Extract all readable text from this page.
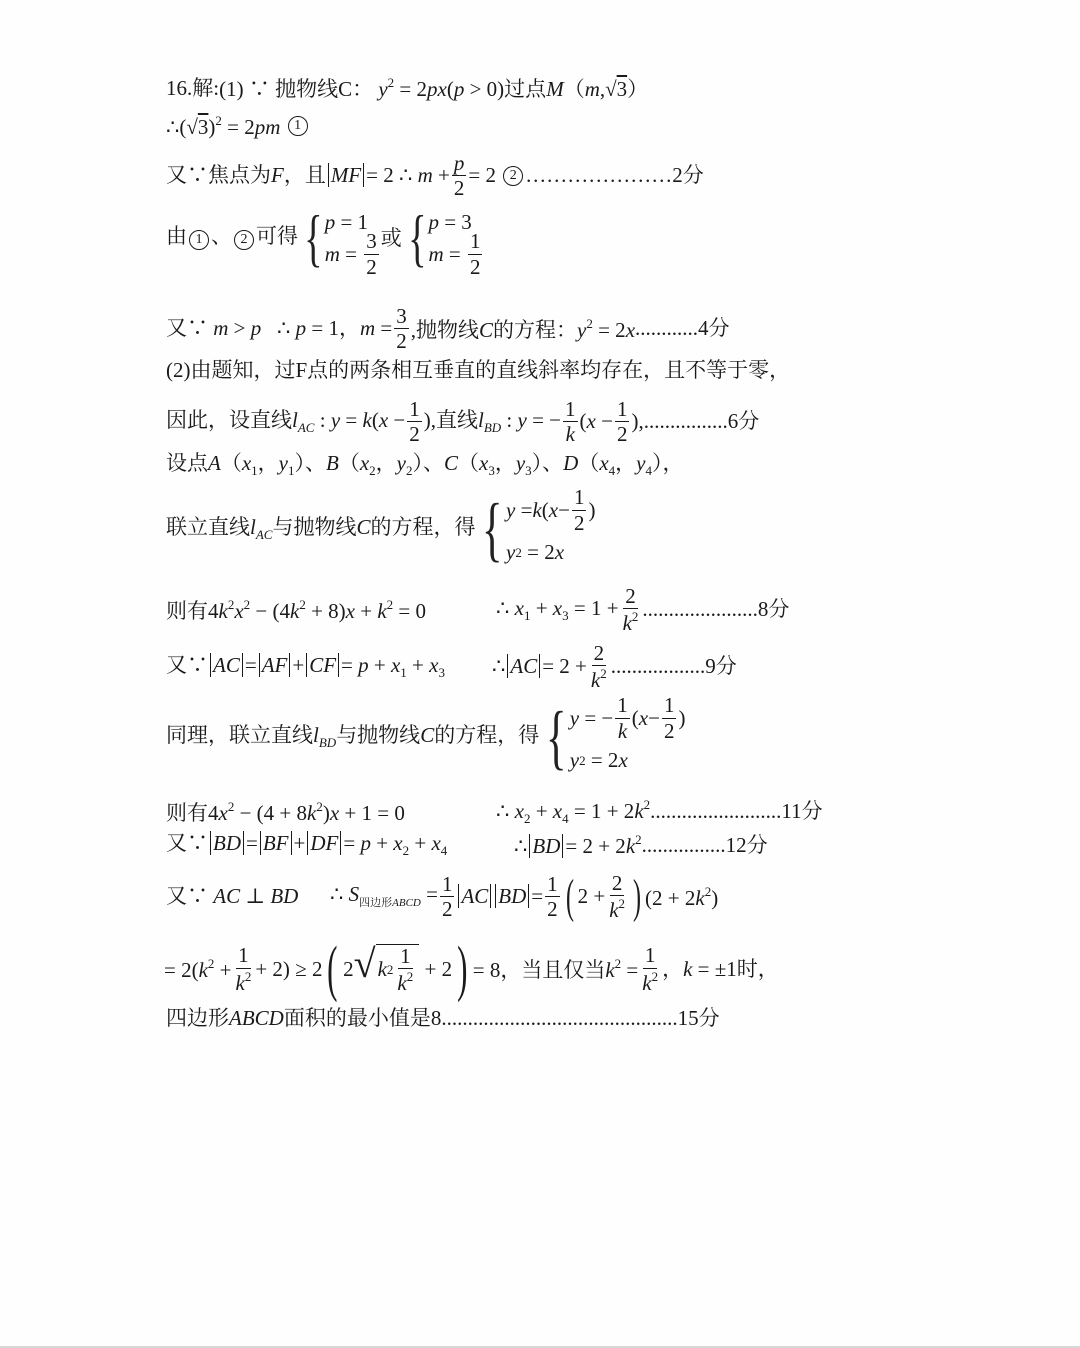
16.解: (1) ∵ 抛物线C： $y^2 = 2px(p > 0)$过点M（m,√3）
$\therefore(√3)^2 = 2pm$ 1
又∵焦点为F，且 MF = 2 ∴ $m + \frac{p}{2} = 2$ 2 ………………… 2分
由 1 、 2 可得 { p = 1
$m = \frac{3}{2}$ 或 { p = 3
$m = \frac{1}{2}$
又∵ m > p   ∴ p = 1，$m = \frac{3}{2}$ ,抛物线C的方程：$y^2 = 2x$ ............ 4分
(2)由题知，过F点的两条相互垂直的直线斜率均存在，且不等于零，
因此，设直线$l_{AC}$ : $y = k(x - \frac{1}{2}$ ),直线$l_{BD}$ : y = − $\frac{1}{k} (x - \frac{1}{2}$ ), ................ 6分
设点$A(x_1$，$y_1$）、$B(x_2$，$y_2$）、$C(x_3$，$y_3$）、$D(x_4$，$y_4$），
联立直线$l_{AC}$与抛物线C的方程，得 { y = k ( $x - \frac{1}{2}$ )
y 2 = 2 x
则有$4k^2x^2 - (4k^2 + 8)x + k^2 = 0$	∴ $x_1 + x_3 = 1 + \frac{2}{k^2}$ ...................... 8分
又∵ AC = AF + CF = $p + x_1 + x_3$	∴ AC = $2 + \frac{2}{k^2}$ .................. 9分
同理，联立直线$l_{BD}$与抛物线C的方程，得 { y = − $\frac{1}{k}$ ( $x - \frac{1}{2}$ )
y 2 = 2 x
则有$4x^2 - (4 + 8k^2)x + 1 = 0$	∴ $x_2 + x_4 = 1 + 2k^2$ ......................... 11分
又∵ BD = BF + DF = $p + x_2 + x_4$	∴ BD = $2 + 2k^2$ ................ 12分
又∵ AC ⊥ BD	∴ $S_{四边形ABCD} = \frac{1}{2}$ AC BD = $\frac{1}{2}$ ( $2 + \frac{2}{k^2}$ ) $(2 + 2k^2)$
= $2(k^2 + \frac{1}{k^2} + 2) \ge 2$ ( 2 √ k $2 \frac{1}{k^2} + 2$ ) = 8，当且仅当$k^2 = \frac{1}{k^2}$ ，k = ±1时，
四边形ABCD面积的最小值是8 ............................................. 15分
